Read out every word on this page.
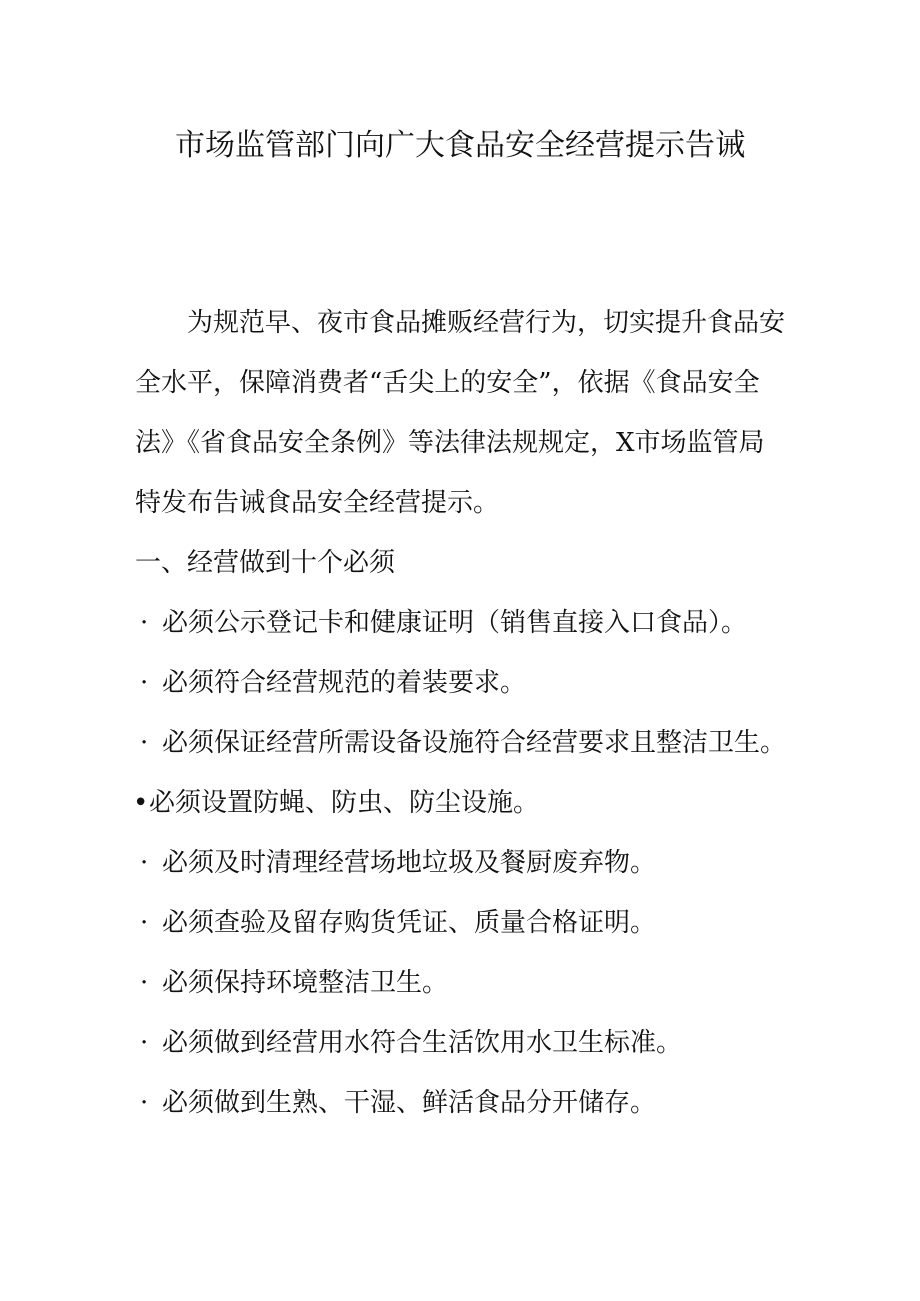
市场监管部门向广大食品安全经营提示告诫
　　为规范早、夜市食品摊贩经营行为，切实提升食品安
全水平，保障消费者“舌尖上的安全”，依据《食品安全
法》《省食品安全条例》等法律法规规定，X市场监管局
特发布告诫食品安全经营提示。
一、经营做到十个必须
· 必须公示登记卡和健康证明（销售直接入口食品）。
· 必须符合经营规范的着装要求。
· 必须保证经营所需设备设施符合经营要求且整洁卫生。
•必须设置防蝇、防虫、防尘设施。
· 必须及时清理经营场地垃圾及餐厨废弃物。
· 必须查验及留存购货凭证、质量合格证明。
· 必须保持环境整洁卫生。
· 必须做到经营用水符合生活饮用水卫生标准。
· 必须做到生熟、干湿、鲜活食品分开储存。
